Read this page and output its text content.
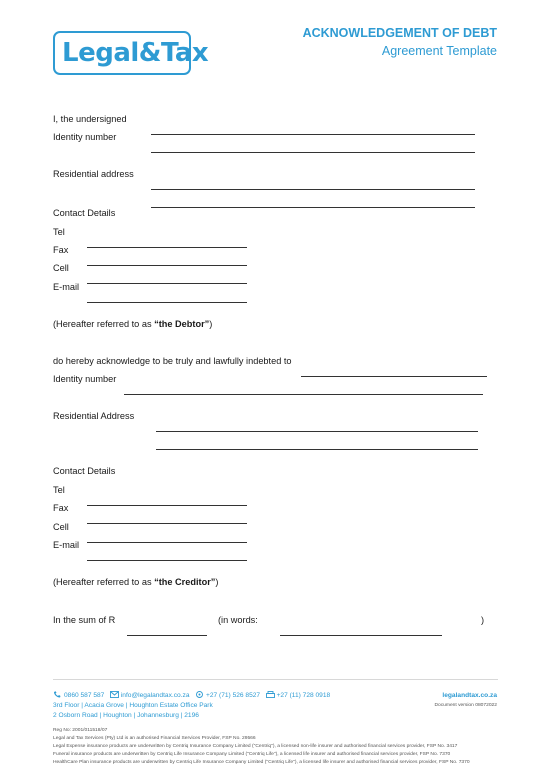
Legal&Tax
ACKNOWLEDGEMENT OF DEBT
Agreement Template
I, the undersigned
Identity number
Residential address
Contact Details
Tel
Fax
Cell
E-mail
(Hereafter referred to as “the Debtor”)
do hereby acknowledge to be truly and lawfully indebted to
Identity number
Residential Address
Contact Details
Tel
Fax
Cell
E-mail
(Hereafter referred to as “the Creditor”)
In the sum of R	(in words:	)
0860 587 587	info@legalandtax.co.za	+27 (71) 526 8527	+27 (11) 728 0918
3rd Floor | Acacia Grove | Houghton Estate Office Park
2 Osborn Road | Houghton | Johannesburg | 2196
legalandtax.co.za
Document version 08072022
Reg No: 2001/011518/07
Legal and Tax Services (Pty) Ltd is an authorised Financial Services Provider, FSP No. 29566
Legal Expense insurance products are underwritten by Centriq Insurance Company Limited ("Centriq"), a licensed non-life insurer and authorised financial services provider, FSP No. 3417
Funeral insurance products are underwritten by Centriq Life Insurance Company Limited ("Centriq Life"), a licensed life insurer and authorised financial services provider, FSP No. 7370
HealthCare Plan insurance products are underwritten by Centriq Life Insurance Company Limited ("Centriq Life"), a licensed life insurer and authorised financial services provider, FSP No. 7370
